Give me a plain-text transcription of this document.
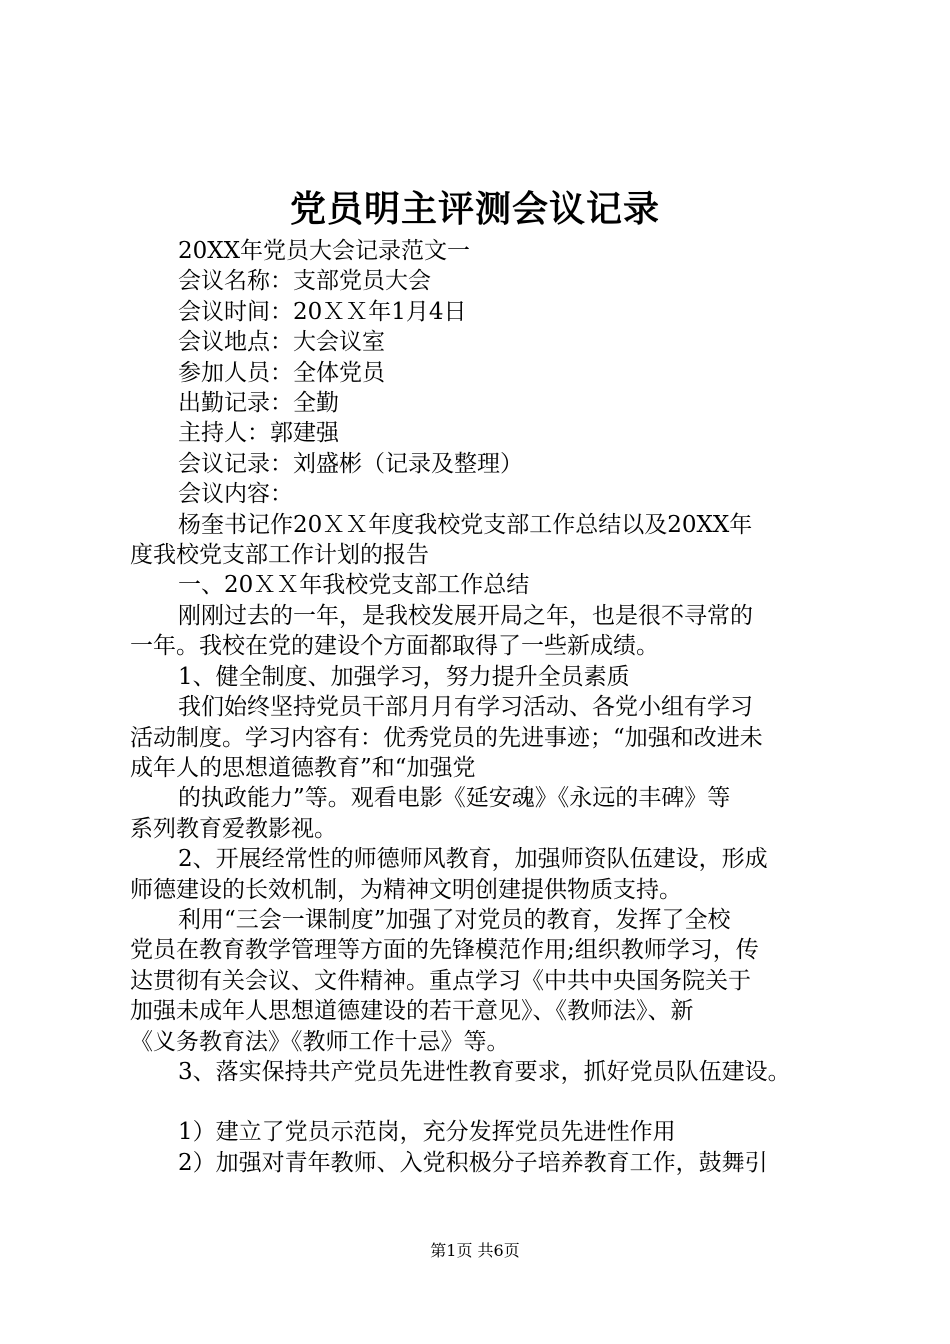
党员明主评测会议记录

20XX年党员大会记录范文一

会议名称：支部党员大会

会议时间：20ＸＸ年1月4日

会议地点：大会议室

参加人员：全体党员

出勤记录：全勤

主持人：郭建强

会议记录：刘盛彬（记录及整理）

会议内容：

杨奎书记作20ＸＸ年度我校党支部工作总结以及20XX年

度我校党支部工作计划的报告

一、20ＸＸ年我校党支部工作总结

刚刚过去的一年，是我校发展开局之年，也是很不寻常的

一年。我校在党的建设个方面都取得了一些新成绩。

1、健全制度、加强学习，努力提升全员素质

我们始终坚持党员干部月月有学习活动、各党小组有学习

活动制度。学习内容有：优秀党员的先进事迹；“加强和改进未

成年人的思想道德教育”和“加强党

的执政能力”等。观看电影《延安魂》《永远的丰碑》等

系列教育爱教影视。

2、开展经常性的师德师风教育，加强师资队伍建设，形成

师德建设的长效机制，为精神文明创建提供物质支持。

利用“三会一课制度”加强了对党员的教育，发挥了全校

党员在教育教学管理等方面的先锋模范作用;组织教师学习，传

达贯彻有关会议、文件精神。重点学习《中共中央国务院关于

加强未成年人思想道德建设的若干意见》、《教师法》、新

《义务教育法》《教师工作十忌》等。

3、落实保持共产党员先进性教育要求，抓好党员队伍建设。

1）建立了党员示范岗，充分发挥党员先进性作用

2）加强对青年教师、入党积极分子培养教育工作，鼓舞引

第1页 共6页
